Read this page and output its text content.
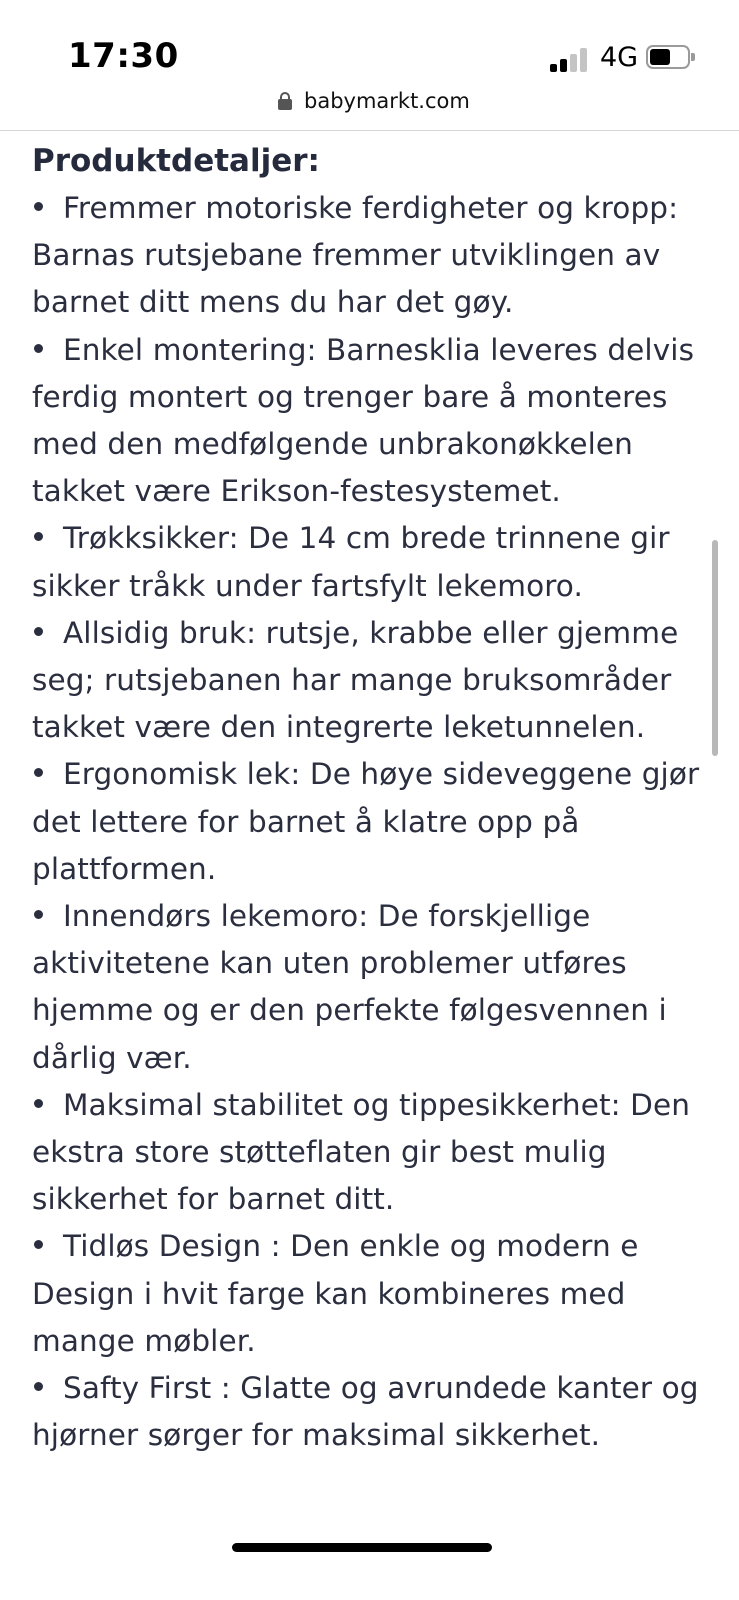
17:30	4G
babymarkt.com
Produktdetaljer:
Fremmer motoriske ferdigheter og kropp: Barnas rutsjebane fremmer utviklingen av barnet ditt mens du har det gøy.
Enkel montering: Barnesklia leveres delvis ferdig montert og trenger bare å monteres med den medfølgende unbrakonøkkelen takket være Erikson-festesystemet.
Trøkksikker: De 14 cm brede trinnene gir sikker tråkk under fartsfylt lekemoro.
Allsidig bruk: rutsje, krabbe eller gjemme seg; rutsjebanen har mange bruksområder takket være den integrerte leketunnelen.
Ergonomisk lek: De høye sideveggene gjør det lettere for barnet å klatre opp på plattformen.
Innendørs lekemoro: De forskjellige aktivitetene kan uten problemer utføres hjemme og er den perfekte følgesvennen i dårlig vær.
Maksimal stabilitet og tippesikkerhet: Den ekstra store støtteflaten gir best mulig sikkerhet for barnet ditt.
Tidløs Design : Den enkle og modern e Design i hvit farge kan kombineres med mange møbler.
Safty First : Glatte og avrundede kanter og hjørner sørger for maksimal sikkerhet.
